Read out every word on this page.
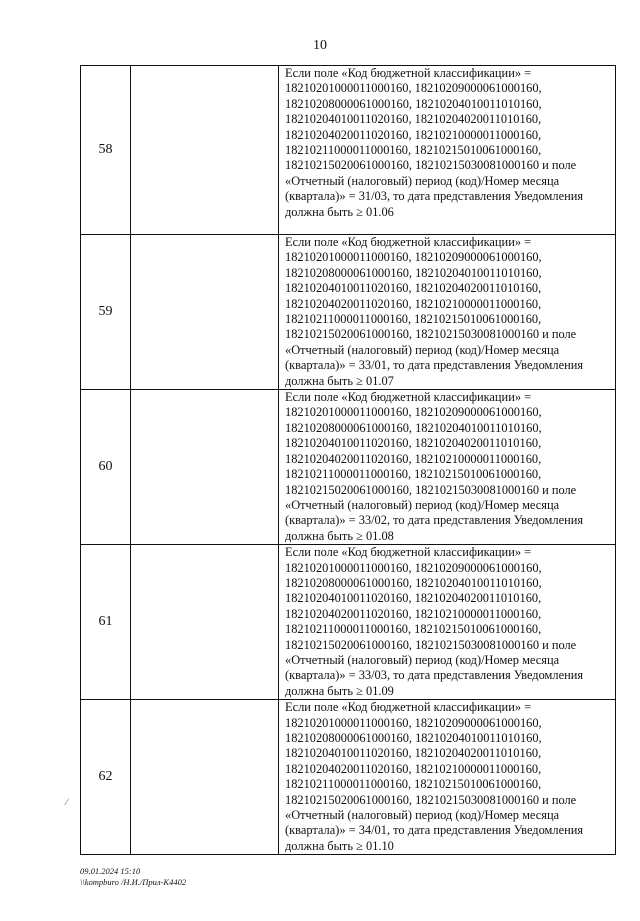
10
58		Если поле «Код бюджетной классификации» = 18210201000011000160, 18210209000061000160, 18210208000061000160, 18210204010011010160, 18210204010011020160, 18210204020011010160, 18210204020011020160, 18210210000011000160, 18210211000011000160, 18210215010061000160, 18210215020061000160, 18210215030081000160 и поле «Отчетный (налоговый) период (код)/Номер месяца (квартала)» = 31/03, то дата представления Уведомления должна быть ≥ 01.06
59		Если поле «Код бюджетной классификации» = 18210201000011000160, 18210209000061000160, 18210208000061000160, 18210204010011010160, 18210204010011020160, 18210204020011010160, 18210204020011020160, 18210210000011000160, 18210211000011000160, 18210215010061000160, 18210215020061000160, 18210215030081000160 и поле «Отчетный (налоговый) период (код)/Номер месяца (квартала)» = 33/01, то дата представления Уведомления должна быть ≥ 01.07
60		Если поле «Код бюджетной классификации» = 18210201000011000160, 18210209000061000160, 18210208000061000160, 18210204010011010160, 18210204010011020160, 18210204020011010160, 18210204020011020160, 18210210000011000160, 18210211000011000160, 18210215010061000160, 18210215020061000160, 18210215030081000160 и поле «Отчетный (налоговый) период (код)/Номер месяца (квартала)» = 33/02, то дата представления Уведомления должна быть ≥ 01.08
61		Если поле «Код бюджетной классификации» = 18210201000011000160, 18210209000061000160, 18210208000061000160, 18210204010011010160, 18210204010011020160, 18210204020011010160, 18210204020011020160, 18210210000011000160, 18210211000011000160, 18210215010061000160, 18210215020061000160, 18210215030081000160 и поле «Отчетный (налоговый) период (код)/Номер месяца (квартала)» = 33/03, то дата представления Уведомления должна быть ≥ 01.09
62		Если поле «Код бюджетной классификации» = 18210201000011000160, 18210209000061000160, 18210208000061000160, 18210204010011010160, 18210204010011020160, 18210204020011010160, 18210204020011020160, 18210210000011000160, 18210211000011000160, 18210215010061000160, 18210215020061000160, 18210215030081000160 и поле «Отчетный (налоговый) период (код)/Номер месяца (квартала)» = 34/01, то дата представления Уведомления должна быть ≥ 01.10
⁄
09.01.2024 15:10
\\kompburo /Н.И./Прил-К4402
